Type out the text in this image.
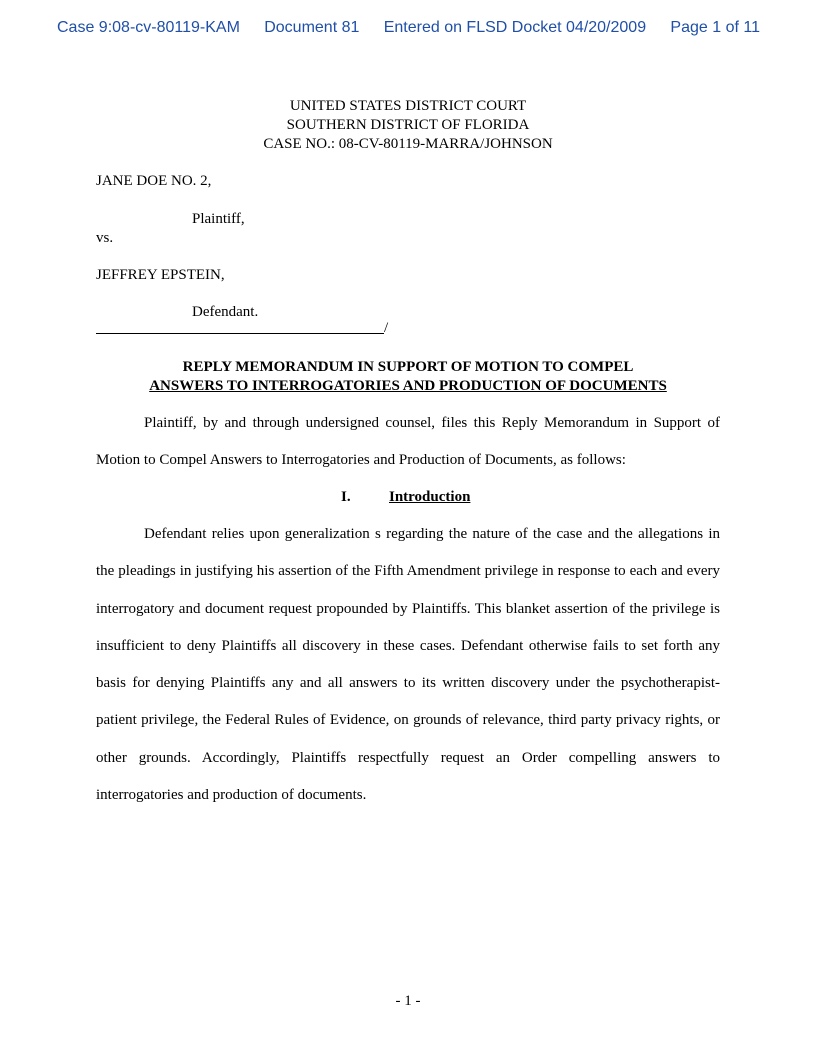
Case 9:08-cv-80119-KAM Document 81 Entered on FLSD Docket 04/20/2009 Page 1 of 11
UNITED STATES DISTRICT COURT
SOUTHERN DISTRICT OF FLORIDA
CASE NO.: 08-CV-80119-MARRA/JOHNSON
JANE DOE NO. 2,
Plaintiff,
vs.
JEFFREY EPSTEIN,
Defendant.
/
REPLY MEMORANDUM IN SUPPORT OF MOTION TO COMPEL
ANSWERS TO INTERROGATORIES AND PRODUCTION OF DOCUMENTS

Plaintiff, by and through undersigned counsel, files this Reply Memorandum in Support of Motion to Compel Answers to Interrogatories and Production of Documents, as follows:

I.	Introduction

Defendant relies upon generalization s regarding the nature of the case and the allegations in the pleadings in justifying his assertion of the Fifth Amendment privilege in response to each and every interrogatory and document request propounded by Plaintiffs. This blanket assertion of the privilege is insufficient to deny Plaintiffs all discovery in these cases. Defendant otherwise fails to set forth any basis for denying Plaintiffs any and all answers to its written discovery under the psychotherapist-patient privilege, the Federal Rules of Evidence, on grounds of relevance, third party privacy rights, or other grounds. Accordingly, Plaintiffs respectfully request an Order compelling answers to interrogatories and production of documents.

- 1 -
